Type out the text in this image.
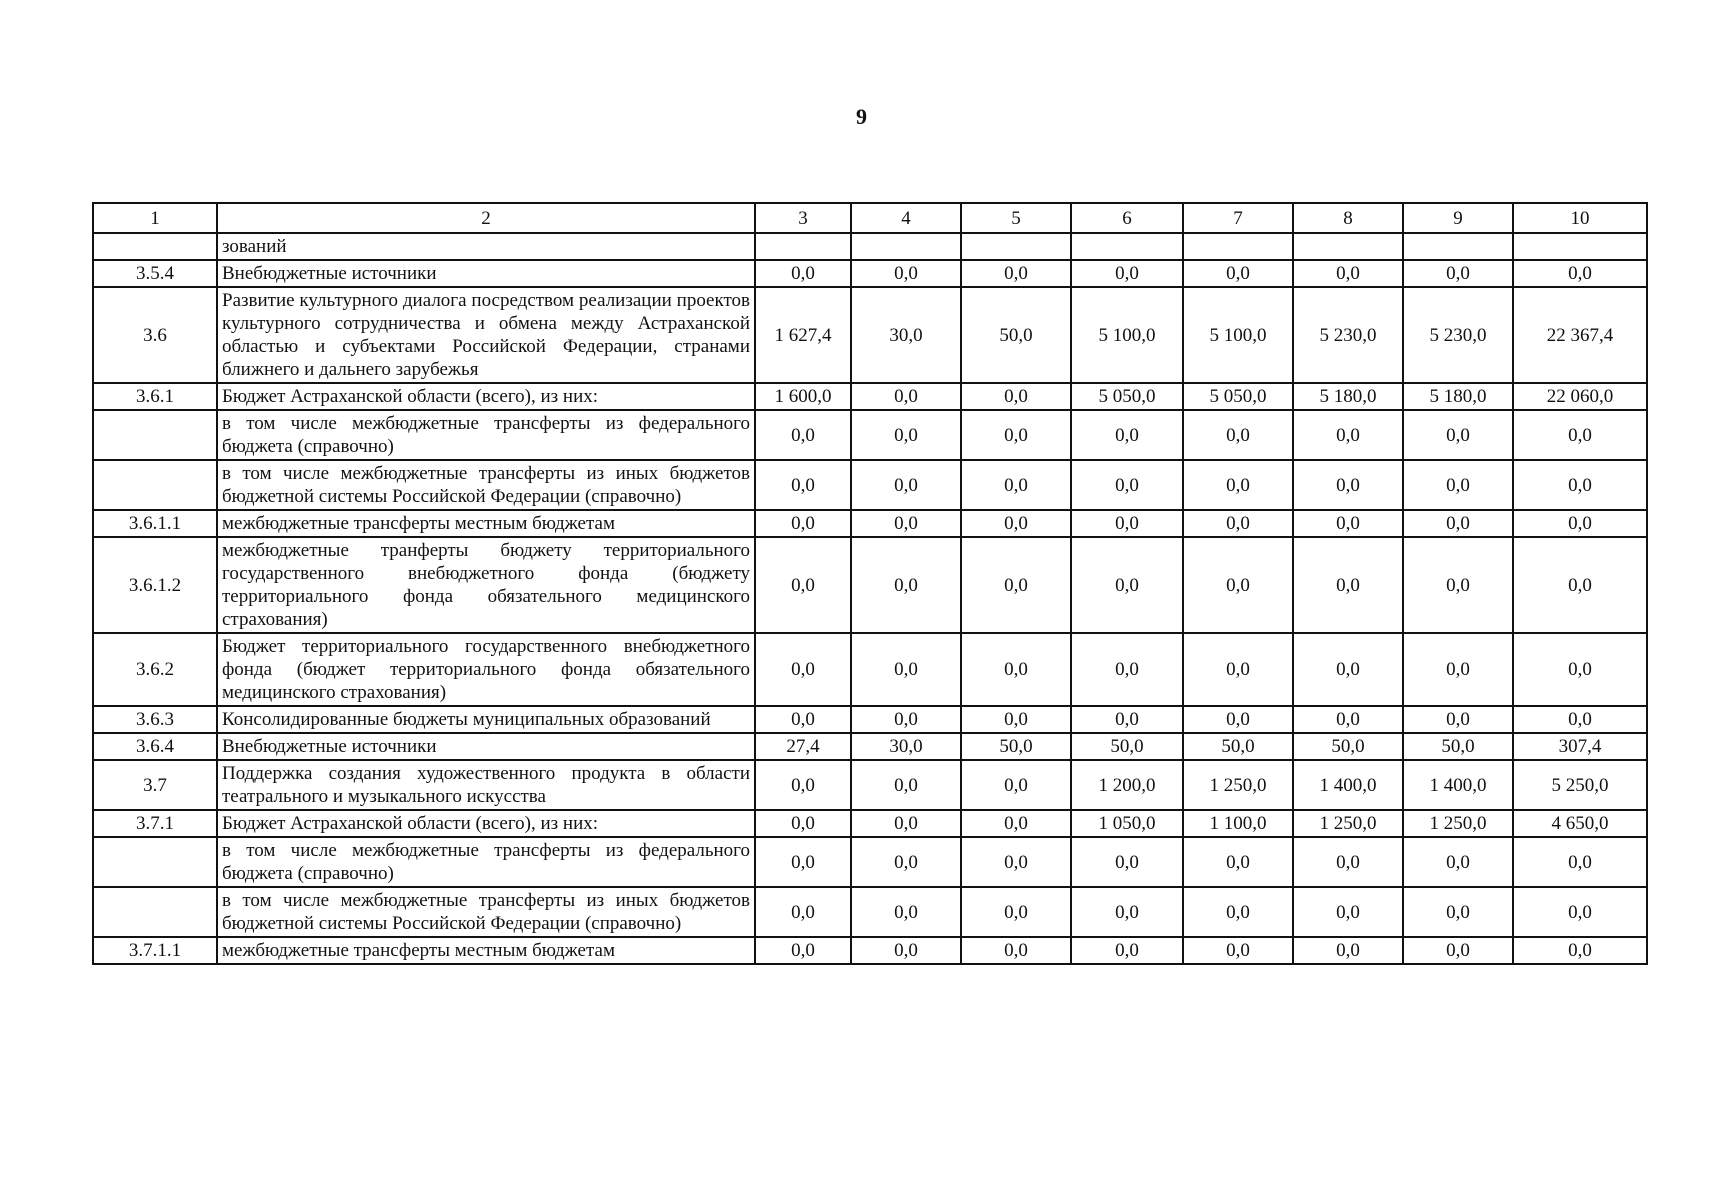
9
1	2	3	4	5	6	7	8	9	10
	зований								
3.5.4	Внебюджетные источники	0,0	0,0	0,0	0,0	0,0	0,0	0,0	0,0
3.6	Развитие культурного диалога посредством реализации проектов культурного сотрудничества и обмена между Астраханской областью и субъектами Российской Федерации, странами ближнего и дальнего зарубежья	1 627,4	30,0	50,0	5 100,0	5 100,0	5 230,0	5 230,0	22 367,4
3.6.1	Бюджет Астраханской области (всего), из них:	1 600,0	0,0	0,0	5 050,0	5 050,0	5 180,0	5 180,0	22 060,0
	в том числе межбюджетные трансферты из федерального бюджета (справочно)	0,0	0,0	0,0	0,0	0,0	0,0	0,0	0,0
	в том числе межбюджетные трансферты из иных бюджетов бюджетной системы Российской Федерации (справочно)	0,0	0,0	0,0	0,0	0,0	0,0	0,0	0,0
3.6.1.1	межбюджетные трансферты местным бюджетам	0,0	0,0	0,0	0,0	0,0	0,0	0,0	0,0
3.6.1.2	межбюджетные транферты бюджету территориального государственного внебюджетного фонда (бюджету территориального фонда обязательного медицинского страхования)	0,0	0,0	0,0	0,0	0,0	0,0	0,0	0,0
3.6.2	Бюджет территориального государственного внебюджетного фонда (бюджет территориального фонда обязательного медицинского страхования)	0,0	0,0	0,0	0,0	0,0	0,0	0,0	0,0
3.6.3	Консолидированные бюджеты муниципальных образований	0,0	0,0	0,0	0,0	0,0	0,0	0,0	0,0
3.6.4	Внебюджетные источники	27,4	30,0	50,0	50,0	50,0	50,0	50,0	307,4
3.7	Поддержка создания художественного продукта в области театрального и музыкального искусства	0,0	0,0	0,0	1 200,0	1 250,0	1 400,0	1 400,0	5 250,0
3.7.1	Бюджет Астраханской области (всего), из них:	0,0	0,0	0,0	1 050,0	1 100,0	1 250,0	1 250,0	4 650,0
	в том числе межбюджетные трансферты из федерального бюджета (справочно)	0,0	0,0	0,0	0,0	0,0	0,0	0,0	0,0
	в том числе межбюджетные трансферты из иных бюджетов бюджетной системы Российской Федерации (справочно)	0,0	0,0	0,0	0,0	0,0	0,0	0,0	0,0
3.7.1.1	межбюджетные трансферты местным бюджетам	0,0	0,0	0,0	0,0	0,0	0,0	0,0	0,0
